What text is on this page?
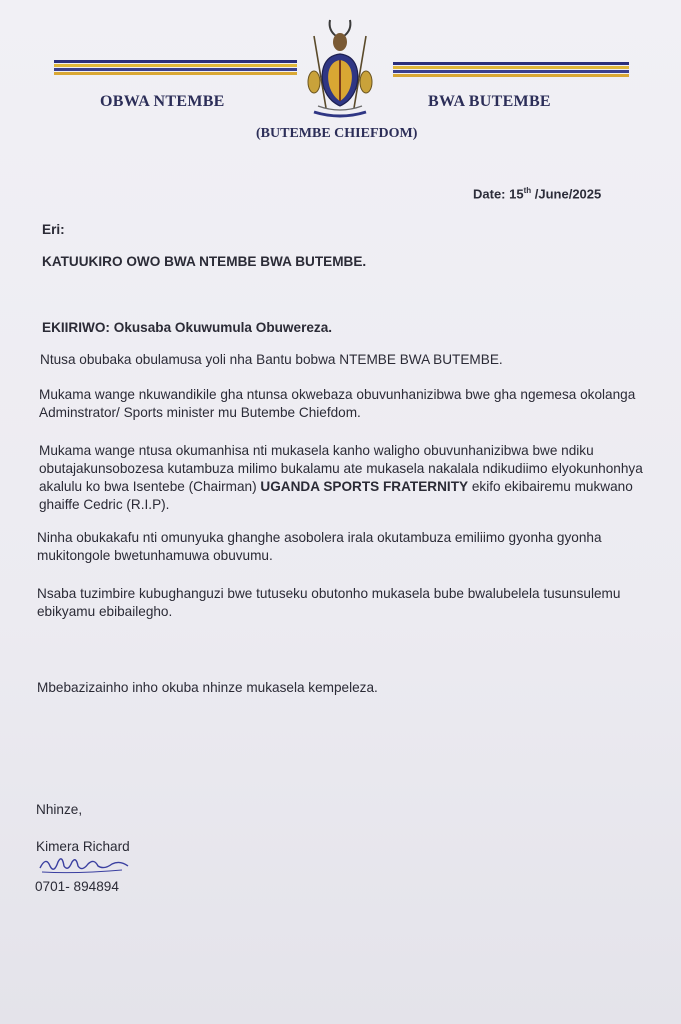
OBWA NTEMBE	BWA BUTEMBE
(BUTEMBE CHIEFDOM)
Date: 15th /June/2025
Eri:
KATUUKIRO OWO BWA NTEMBE BWA BUTEMBE.
EKIIRIWO: Okusaba Okuwumula Obuwereza.
Ntusa obubaka obulamusa yoli nha Bantu bobwa NTEMBE BWA BUTEMBE.
Mukama wange nkuwandikile gha ntunsa okwebaza obuvunhanizibwa bwe gha ngemesa okolanga Adminstrator/ Sports minister mu Butembe Chiefdom.
Mukama wange ntusa okumanhisa nti mukasela kanho waligho obuvunhanizibwa bwe ndiku obutajakunsobozesa kutambuza milimo bukalamu ate mukasela nakalala ndikudiimo elyokunhonhya akalulu ko bwa Isentebe (Chairman) UGANDA SPORTS FRATERNITY ekifo ekibairemu mukwano ghaiffe Cedric (R.I.P).
Ninha obukakafu nti omunyuka ghanghe asobolera irala okutambuza emiliimo gyonha gyonha mukitongole bwetunhamuwa obuvumu.
Nsaba tuzimbire kubughanguzi bwe tutuseku obutonho mukasela bube bwalubelela tusunsulemu ebikyamu ebibailegho.
Mbebazizainho inho okuba nhinze mukasela kempeleza.
Nhinze,
Kimera Richard
0701- 894894
